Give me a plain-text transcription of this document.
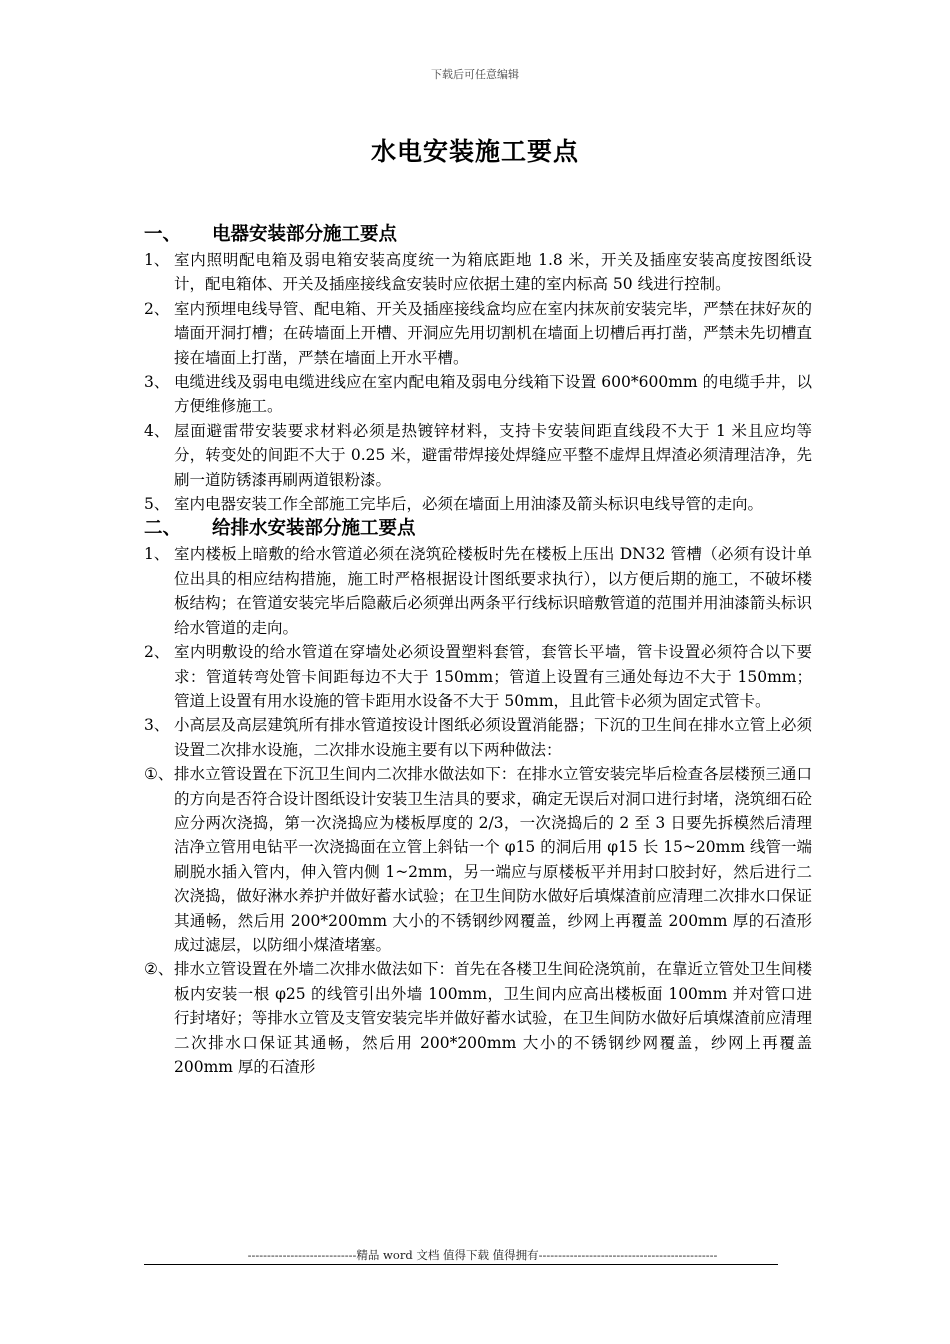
下载后可任意编辑
水电安装施工要点
一、 电器安装部分施工要点
1、 室内照明配电箱及弱电箱安装高度统一为箱底距地 1.8 米，开关及插座安装高度按图纸设计，配电箱体、开关及插座接线盒安装时应依据土建的室内标高 50 线进行控制。
2、 室内预埋电线导管、配电箱、开关及插座接线盒均应在室内抹灰前安装完毕，严禁在抹好灰的墙面开洞打槽；在砖墙面上开槽、开洞应先用切割机在墙面上切槽后再打凿，严禁未先切槽直接在墙面上打凿，严禁在墙面上开水平槽。
3、 电缆进线及弱电电缆进线应在室内配电箱及弱电分线箱下设置 600*600mm 的电缆手井，以方便维修施工。
4、 屋面避雷带安装要求材料必须是热镀锌材料，支持卡安装间距直线段不大于 1 米且应均等分，转变处的间距不大于 0.25 米，避雷带焊接处焊缝应平整不虚焊且焊渣必须清理洁净，先刷一道防锈漆再刷两道银粉漆。
5、 室内电器安装工作全部施工完毕后，必须在墙面上用油漆及箭头标识电线导管的走向。
二、 给排水安装部分施工要点
1、 室内楼板上暗敷的给水管道必须在浇筑砼楼板时先在楼板上压出 DN32 管槽（必须有设计单位出具的相应结构措施，施工时严格根据设计图纸要求执行），以方便后期的施工，不破坏楼板结构；在管道安装完毕后隐蔽后必须弹出两条平行线标识暗敷管道的范围并用油漆箭头标识给水管道的走向。
2、 室内明敷设的给水管道在穿墙处必须设置塑料套管，套管长平墙，管卡设置必须符合以下要求：管道转弯处管卡间距每边不大于 150mm；管道上设置有三通处每边不大于 150mm；管道上设置有用水设施的管卡距用水设备不大于 50mm，且此管卡必须为固定式管卡。
3、 小高层及高层建筑所有排水管道按设计图纸必须设置消能器；下沉的卫生间在排水立管上必须设置二次排水设施，二次排水设施主要有以下两种做法：
①、 排水立管设置在下沉卫生间内二次排水做法如下：在排水立管安装完毕后检查各层楼预三通口的方向是否符合设计图纸设计安装卫生洁具的要求，确定无误后对洞口进行封堵，浇筑细石砼应分两次浇捣，第一次浇捣应为楼板厚度的 2/3，一次浇捣后的 2 至 3 日要先拆模然后清理洁净立管用电钻平一次浇捣面在立管上斜钻一个 φ15 的洞后用 φ15 长 15~20mm 线管一端刷脱水插入管内，伸入管内侧 1~2mm，另一端应与原楼板平并用封口胶封好，然后进行二次浇捣，做好淋水养护并做好蓄水试验；在卫生间防水做好后填煤渣前应清理二次排水口保证其通畅，然后用 200*200mm 大小的不锈钢纱网覆盖，纱网上再覆盖 200mm 厚的石渣形成过滤层，以防细小煤渣堵塞。
②、 排水立管设置在外墙二次排水做法如下：首先在各楼卫生间砼浇筑前，在靠近立管处卫生间楼板内安装一根 φ25 的线管引出外墙 100mm，卫生间内应高出楼板面 100mm 并对管口进行封堵好；等排水立管及支管安装完毕并做好蓄水试验，在卫生间防水做好后填煤渣前应清理二次排水口保证其通畅，然后用 200*200mm 大小的不锈钢纱网覆盖，纱网上再覆盖 200mm 厚的石渣形
----------------------------精品 word 文档 值得下载 值得拥有----------------------------------------------
